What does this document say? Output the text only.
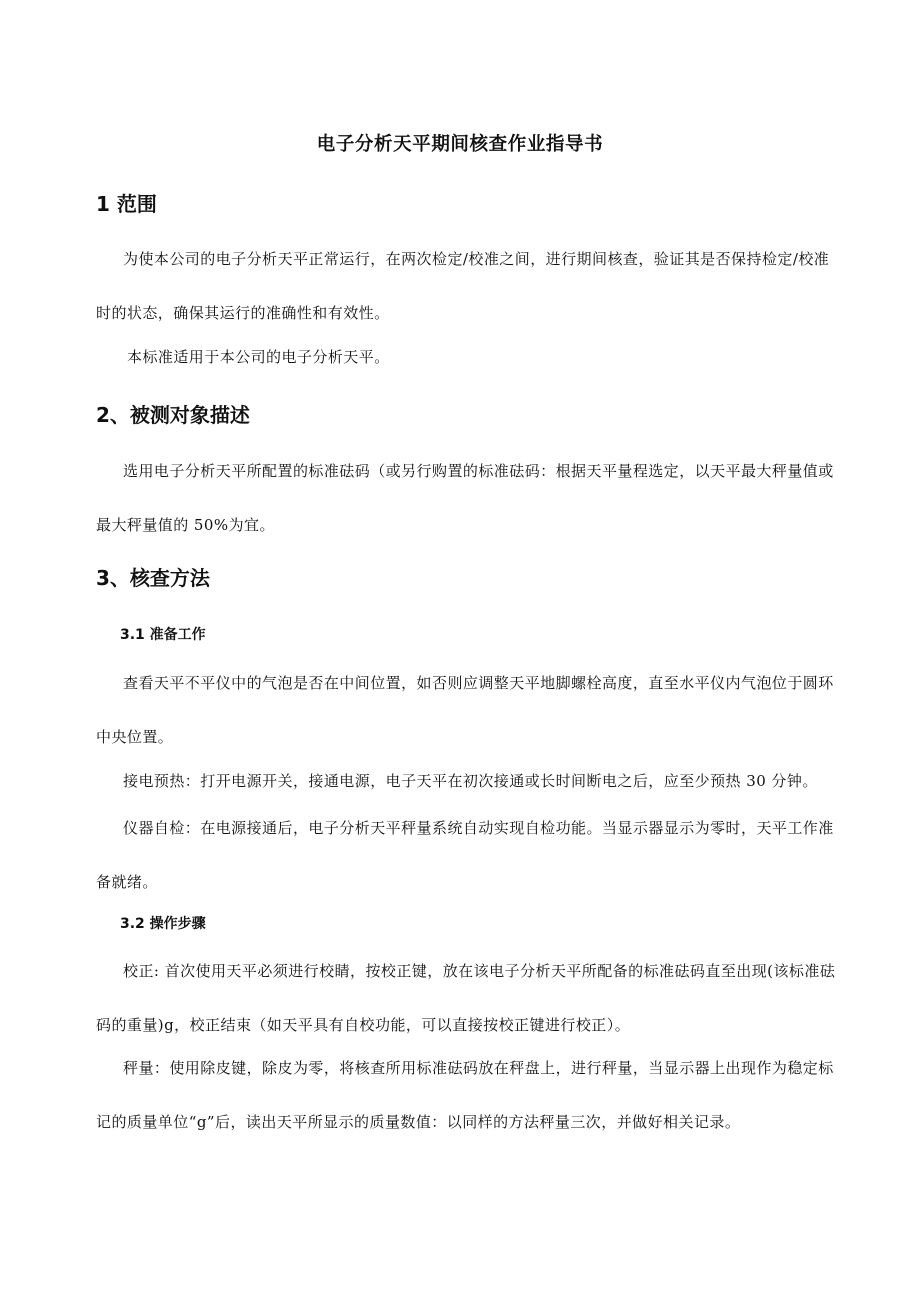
电子分析天平期间核查作业指导书
1 范围

为使本公司的电子分析天平正常运行，在两次检定/校准之间，进行期间核查，验证其是否保持检定/校准时的状态，确保其运行的准确性和有效性。

本标准适用于本公司的电子分析天平。

2、被测对象描述

选用电子分析天平所配置的标准砝码（或另行购置的标准砝码：根据天平量程选定，以天平最大秤量值或最大秤量值的 50%为宜。

3、核查方法
3.1 准备工作

查看天平不平仪中的气泡是否在中间位置，如否则应调整天平地脚螺栓高度，直至水平仪内气泡位于圆环中央位置。

接电预热：打开电源开关，接通电源，电子天平在初次接通或长时间断电之后，应至少预热 30 分钟。

仪器自检：在电源接通后，电子分析天平秤量系统自动实现自检功能。当显示器显示为零时，天平工作准备就绪。

3.2 操作步骤

校正: 首次使用天平必须进行校睛，按校正键，放在该电子分析天平所配备的标准砝码直至出现(该标准砝码的重量)g，校正结束（如天平具有自校功能，可以直接按校正键进行校正）。

秤量：使用除皮键，除皮为零，将核查所用标准砝码放在秤盘上，进行秤量，当显示器上出现作为稳定标记的质量单位“g”后，读出天平所显示的质量数值：以同样的方法秤量三次，并做好相关记录。
